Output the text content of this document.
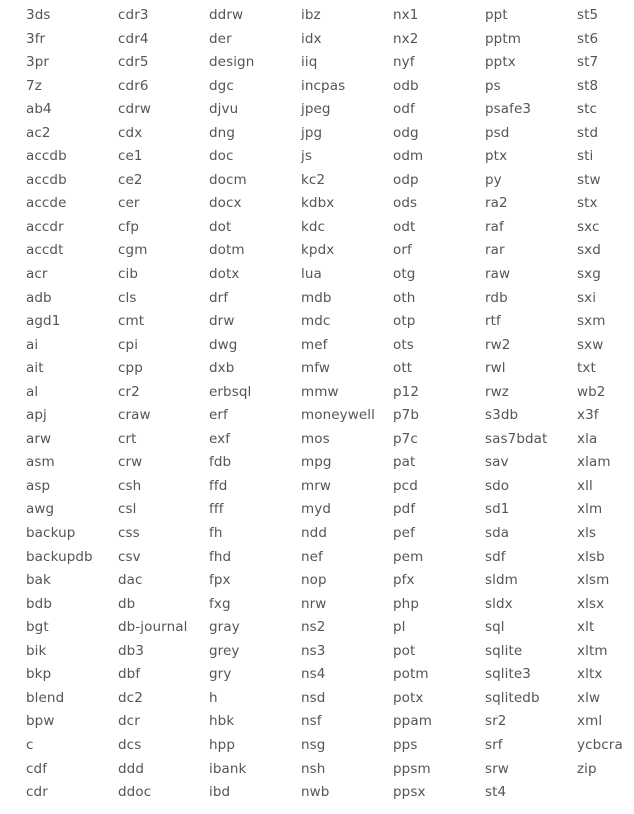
3ds
3fr
3pr
7z
ab4
ac2
accdb
accdb
accde
accdr
accdt
acr
adb
agd1
ai
ait
al
apj
arw
asm
asp
awg
backup
backupdb
bak
bdb
bgt
bik
bkp
blend
bpw
c
cdf
cdr
cdr3
cdr4
cdr5
cdr6
cdrw
cdx
ce1
ce2
cer
cfp
cgm
cib
cls
cmt
cpi
cpp
cr2
craw
crt
crw
csh
csl
css
csv
dac
db
db-journal
db3
dbf
dc2
dcr
dcs
ddd
ddoc
ddrw
der
design
dgc
djvu
dng
doc
docm
docx
dot
dotm
dotx
drf
drw
dwg
dxb
erbsql
erf
exf
fdb
ffd
fff
fh
fhd
fpx
fxg
gray
grey
gry
h
hbk
hpp
ibank
ibd
ibz
idx
iiq
incpas
jpeg
jpg
js
kc2
kdbx
kdc
kpdx
lua
mdb
mdc
mef
mfw
mmw
moneywell
mos
mpg
mrw
myd
ndd
nef
nop
nrw
ns2
ns3
ns4
nsd
nsf
nsg
nsh
nwb
nx1
nx2
nyf
odb
odf
odg
odm
odp
ods
odt
orf
otg
oth
otp
ots
ott
p12
p7b
p7c
pat
pcd
pdf
pef
pem
pfx
php
pl
pot
potm
potx
ppam
pps
ppsm
ppsx
ppt
pptm
pptx
ps
psafe3
psd
ptx
py
ra2
raf
rar
raw
rdb
rtf
rw2
rwl
rwz
s3db
sas7bdat
sav
sdo
sd1
sda
sdf
sldm
sldx
sql
sqlite
sqlite3
sqlitedb
sr2
srf
srw
st4
st5
st6
st7
st8
stc
std
sti
stw
stx
sxc
sxd
sxg
sxi
sxm
sxw
txt
wb2
x3f
xla
xlam
xll
xlm
xls
xlsb
xlsm
xlsx
xlt
xltm
xltx
xlw
xml
ycbcra
zip
